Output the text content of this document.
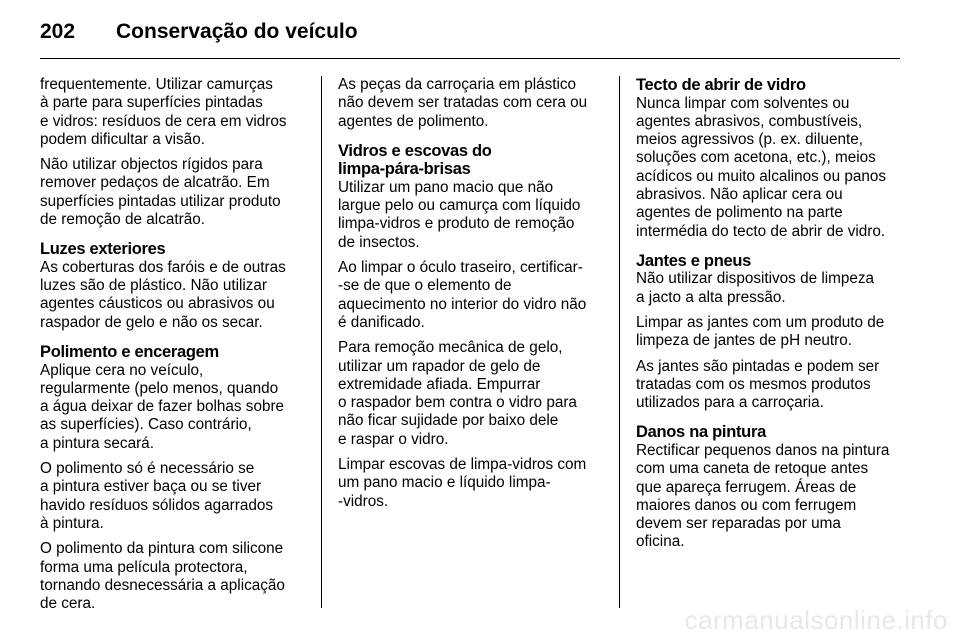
202	Conservação do veículo

frequentemente. Utilizar camurças
à parte para superfícies pintadas
e vidros: resíduos de cera em vidros
podem dificultar a visão.

Não utilizar objectos rígidos para
remover pedaços de alcatrão. Em
superfícies pintadas utilizar produto
de remoção de alcatrão.

Luzes exteriores

As coberturas dos faróis e de outras
luzes são de plástico. Não utilizar
agentes cáusticos ou abrasivos ou
raspador de gelo e não os secar.

Polimento e enceragem

Aplique cera no veículo,
regularmente (pelo menos, quando
a água deixar de fazer bolhas sobre
as superfícies). Caso contrário,
a pintura secará.

O polimento só é necessário se
a pintura estiver baça ou se tiver
havido resíduos sólidos agarrados
à pintura.

O polimento da pintura com silicone
forma uma película protectora,
tornando desnecessária a aplicação
de cera.

As peças da carroçaria em plástico
não devem ser tratadas com cera ou
agentes de polimento.

Vidros e escovas do
limpa-pára-brisas

Utilizar um pano macio que não
largue pelo ou camurça com líquido
limpa-vidros e produto de remoção
de insectos.

Ao limpar o óculo traseiro, certificar-
-se de que o elemento de
aquecimento no interior do vidro não
é danificado.

Para remoção mecânica de gelo,
utilizar um rapador de gelo de
extremidade afiada. Empurrar
o raspador bem contra o vidro para
não ficar sujidade por baixo dele
e raspar o vidro.

Limpar escovas de limpa-vidros com
um pano macio e líquido limpa-
-vidros.

Tecto de abrir de vidro

Nunca limpar com solventes ou
agentes abrasivos, combustíveis,
meios agressivos (p. ex. diluente,
soluções com acetona, etc.), meios
acídicos ou muito alcalinos ou panos
abrasivos. Não aplicar cera ou
agentes de polimento na parte
intermédia do tecto de abrir de vidro.

Jantes e pneus

Não utilizar dispositivos de limpeza
a jacto a alta pressão.

Limpar as jantes com um produto de
limpeza de jantes de pH neutro.

As jantes são pintadas e podem ser
tratadas com os mesmos produtos
utilizados para a carroçaria.

Danos na pintura

Rectificar pequenos danos na pintura
com uma caneta de retoque antes
que apareça ferrugem. Áreas de
maiores danos ou com ferrugem
devem ser reparadas por uma
oficina.

carmanualsonline.info
